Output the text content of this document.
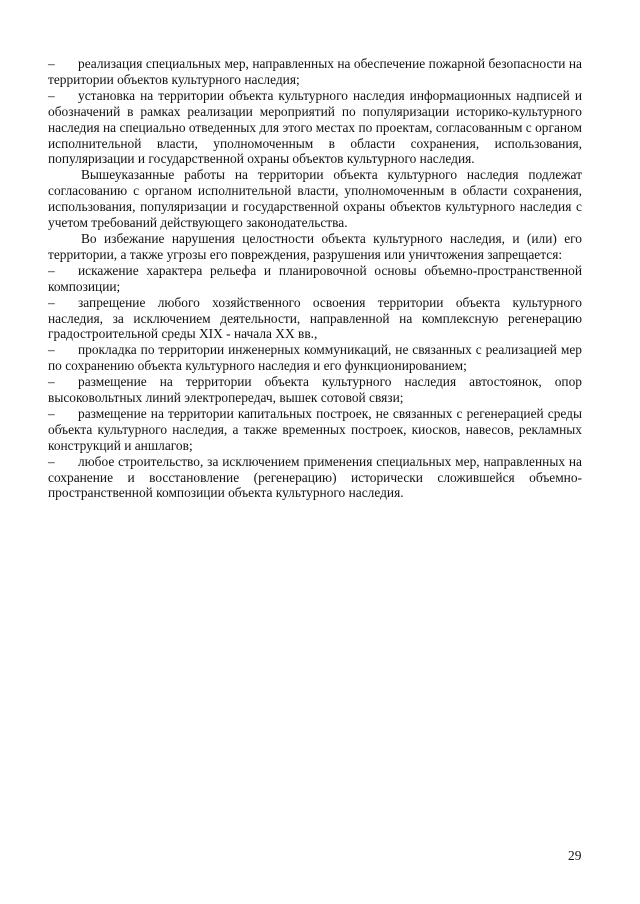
– реализация специальных мер, направленных на обеспечение пожарной безопасности на территории объектов культурного наследия;

– установка на территории объекта культурного наследия информационных надписей и обозначений в рамках реализации мероприятий по популяризации историко-культурного наследия на специально отведенных для этого местах по проектам, согласованным с органом исполнительной власти, уполномоченным в области сохранения, использования, популяризации и государственной охраны объектов культурного наследия.

Вышеуказанные работы на территории объекта культурного наследия подлежат согласованию с органом исполнительной власти, уполномоченным в области сохранения, использования, популяризации и государственной охраны объектов культурного наследия с учетом требований действующего законодательства.

Во избежание нарушения целостности объекта культурного наследия, и (или) его территории, а также угрозы его повреждения, разрушения или уничтожения запрещается:

– искажение характера рельефа и планировочной основы объемно-пространственной композиции;

– запрещение любого хозяйственного освоения территории объекта культурного наследия, за исключением деятельности, направленной на комплексную регенерацию градостроительной среды XIX - начала XX вв.,

– прокладка по территории инженерных коммуникаций, не связанных с реализацией мер по сохранению объекта культурного наследия и его функционированием;

– размещение на территории объекта культурного наследия автостоянок, опор высоковольтных линий электропередач, вышек сотовой связи;

– размещение на территории капитальных построек, не связанных с регенерацией среды объекта культурного наследия, а также временных построек, киосков, навесов, рекламных конструкций и аншлагов;

– любое строительство, за исключением применения специальных мер, направленных на сохранение и восстановление (регенерацию) исторически сложившейся объемно-пространственной композиции объекта культурного наследия.

29
